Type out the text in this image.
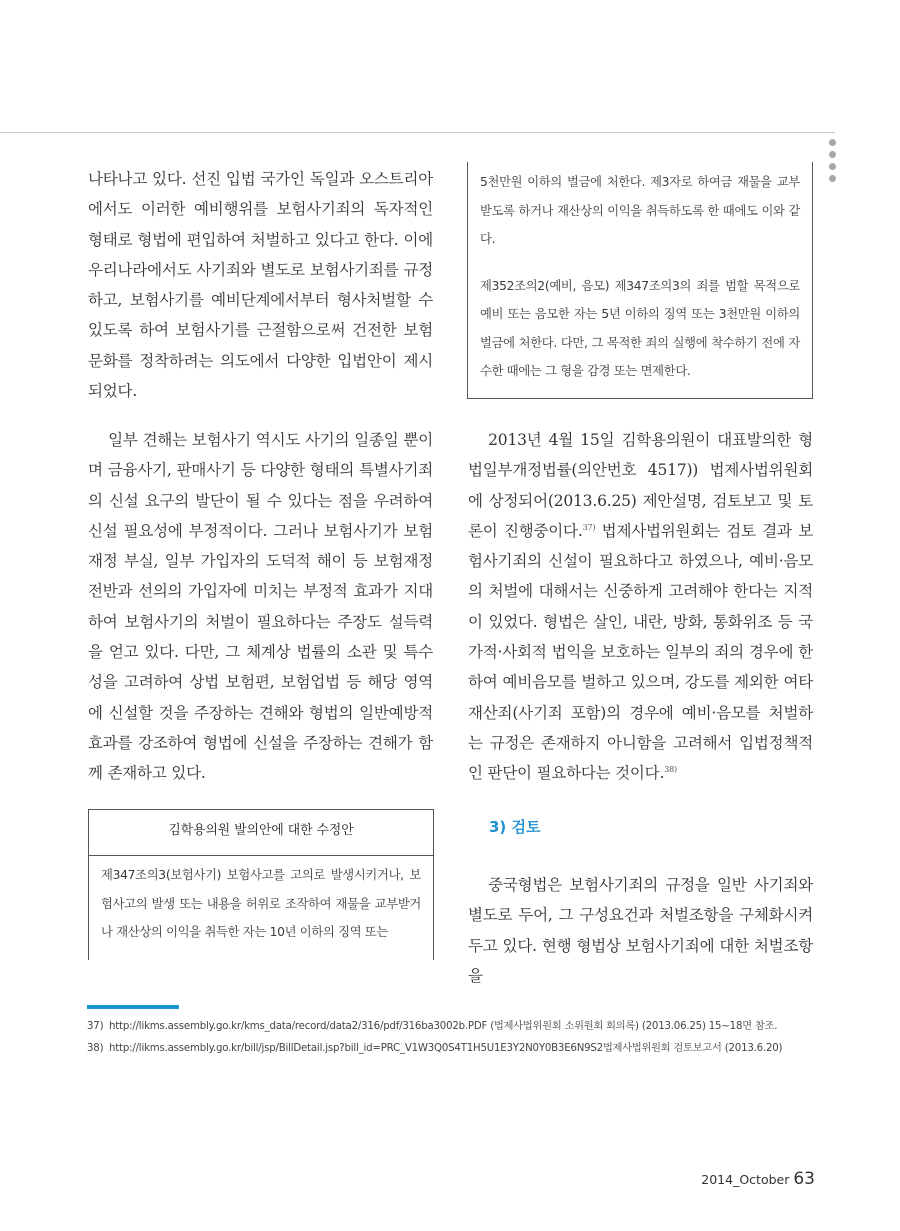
나타나고 있다. 선진 입법 국가인 독일과 오스트리아에서도 이러한 예비행위를 보험사기죄의 독자적인 형태로 형법에 편입하여 처벌하고 있다고 한다. 이에 우리나라에서도 사기죄와 별도로 보험사기죄를 규정하고, 보험사기를 예비단계에서부터 형사처벌할 수 있도록 하여 보험사기를 근절함으로써 건전한 보험문화를 정착하려는 의도에서 다양한 입법안이 제시되었다.

일부 견해는 보험사기 역시도 사기의 일종일 뿐이며 금융사기, 판매사기 등 다양한 형태의 특별사기죄의 신설 요구의 발단이 될 수 있다는 점을 우려하여 신설 필요성에 부정적이다. 그러나 보험사기가 보험재정 부실, 일부 가입자의 도덕적 해이 등 보험재정 전반과 선의의 가입자에 미치는 부정적 효과가 지대하여 보험사기의 처벌이 필요하다는 주장도 설득력을 얻고 있다. 다만, 그 체계상 법률의 소관 및 특수성을 고려하여 상법 보험편, 보험업법 등 해당 영역에 신설할 것을 주장하는 견해와 형법의 일반예방적 효과를 강조하여 형법에 신설을 주장하는 견해가 함께 존재하고 있다.

김학용의원 발의안에 대한 수정안

제347조의3(보험사기) 보험사고를 고의로 발생시키거나, 보험사고의 발생 또는 내용을 허위로 조작하여 재물을 교부받거나 재산상의 이익을 취득한 자는 10년 이하의 징역 또는

5천만원 이하의 벌금에 처한다. 제3자로 하여금 재물을 교부받도록 하거나 재산상의 이익을 취득하도록 한 때에도 이와 같다.

제352조의2(예비, 음모) 제347조의3의 죄를 범할 목적으로 예비 또는 음모한 자는 5년 이하의 징역 또는 3천만원 이하의 벌금에 처한다. 다만, 그 목적한 죄의 실행에 착수하기 전에 자수한 때에는 그 형을 감경 또는 면제한다.

2013년 4월 15일 김학용의원이 대표발의한 형법일부개정법률(의안번호 4517)) 법제사법위원회에 상정되어(2013.6.25) 제안설명, 검토보고 및 토론이 진행중이다.$^{37)}$ 법제사법위원회는 검토 결과 보험사기죄의 신설이 필요하다고 하였으나, 예비·음모의 처벌에 대해서는 신중하게 고려해야 한다는 지적이 있었다. 형법은 살인, 내란, 방화, 통화위조 등 국가적·사회적 법익을 보호하는 일부의 죄의 경우에 한하여 예비음모를 벌하고 있으며, 강도를 제외한 여타 재산죄(사기죄 포함)의 경우에 예비·음모를 처벌하는 규정은 존재하지 아니함을 고려해서 입법정책적인 판단이 필요하다는 것이다.$^{38)}$

3) 검토

중국형법은 보험사기죄의 규정을 일반 사기죄와 별도로 두어, 그 구성요건과 처벌조항을 구체화시켜 두고 있다. 현행 형법상 보험사기죄에 대한 처벌조항을

37) http://likms.assembly.go.kr/kms_data/record/data2/316/pdf/316ba3002b.PDF (법제사법위원회 소위원회 회의록) (2013.06.25) 15~18면 참조.
38) http://likms.assembly.go.kr/bill/jsp/BillDetail.jsp?bill_id=PRC_V1W3Q0S4T1H5U1E3Y2N0Y0B3E6N9S2법제사법위원회 검토보고서 (2013.6.20)
2014_October 63
